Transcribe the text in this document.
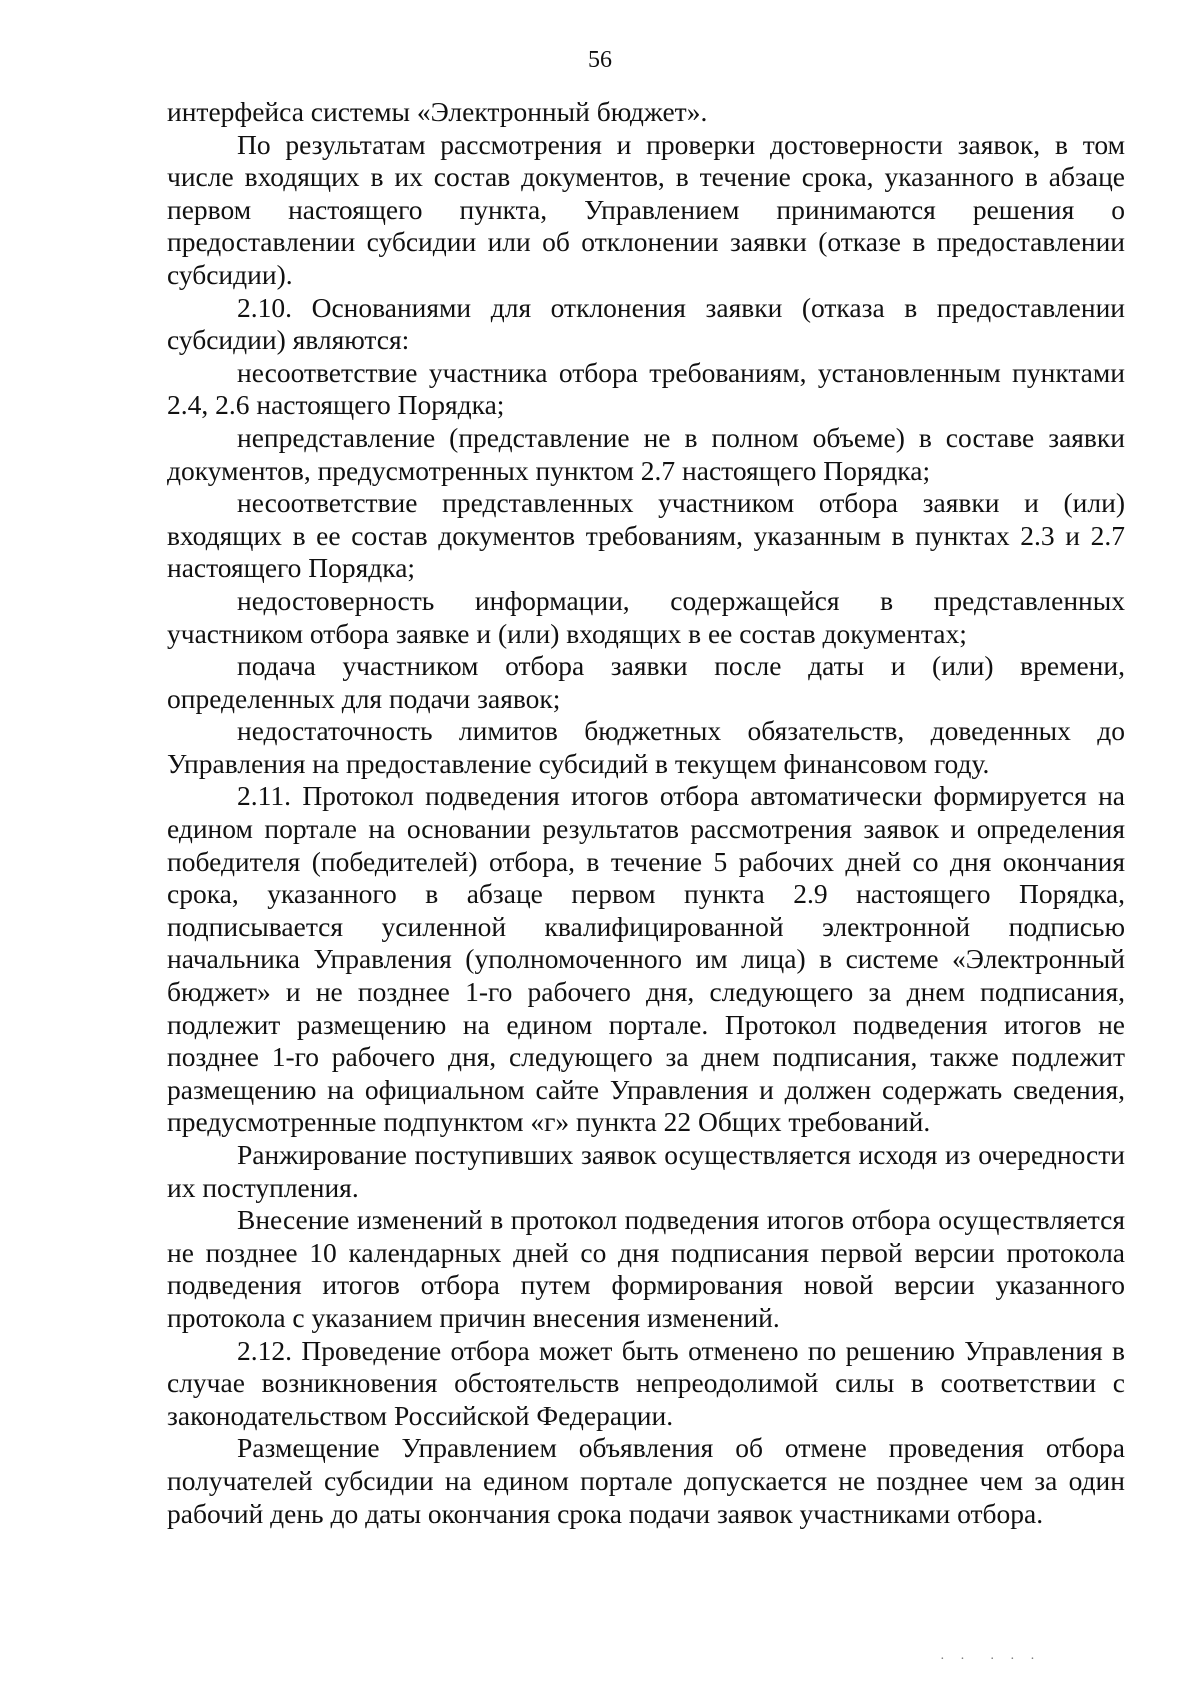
56

интерфейса системы «Электронный бюджет».

По результатам рассмотрения и проверки достоверности заявок, в том числе входящих в их состав документов, в течение срока, указанного в абзаце первом настоящего пункта, Управлением принимаются решения о предоставлении субсидии или об отклонении заявки (отказе в предоставлении субсидии).

2.10. Основаниями для отклонения заявки (отказа в предоставлении субсидии) являются:

несоответствие участника отбора требованиям, установленным пунктами 2.4, 2.6 настоящего Порядка;

непредставление (представление не в полном объеме) в составе заявки документов, предусмотренных пунктом 2.7 настоящего Порядка;

несоответствие представленных участником отбора заявки и (или) входящих в ее состав документов требованиям, указанным в пунктах 2.3 и 2.7 настоящего Порядка;

недостоверность информации, содержащейся в представленных участником отбора заявке и (или) входящих в ее состав документах;

подача участником отбора заявки после даты и (или) времени, определенных для подачи заявок;

недостаточность лимитов бюджетных обязательств, доведенных до Управления на предоставление субсидий в текущем финансовом году.

2.11. Протокол подведения итогов отбора автоматически формируется на едином портале на основании результатов рассмотрения заявок и определения победителя (победителей) отбора, в течение 5 рабочих дней со дня окончания срока, указанного в абзаце первом пункта 2.9 настоящего Порядка, подписывается усиленной квалифицированной электронной подписью начальника Управления (уполномоченного им лица) в системе «Электронный бюджет» и не позднее 1-го рабочего дня, следующего за днем подписания, подлежит размещению на едином портале. Протокол подведения итогов не позднее 1-го рабочего дня, следующего за днем подписания, также подлежит размещению на официальном сайте Управления и должен содержать сведения, предусмотренные подпунктом «г» пункта 22 Общих требований.

Ранжирование поступивших заявок осуществляется исходя из очередности их поступления.

Внесение изменений в протокол подведения итогов отбора осуществляется не позднее 10 календарных дней со дня подписания первой версии протокола подведения итогов отбора путем формирования новой версии указанного протокола с указанием причин внесения изменений.

2.12. Проведение отбора может быть отменено по решению Управления в случае возникновения обстоятельств непреодолимой силы в соответствии с законодательством Российской Федерации.

Размещение Управлением объявления об отмене проведения отбора получателей субсидии на едином портале допускается не позднее чем за один рабочий день до даты окончания срока подачи заявок участниками отбора.

· ·  · · ·
